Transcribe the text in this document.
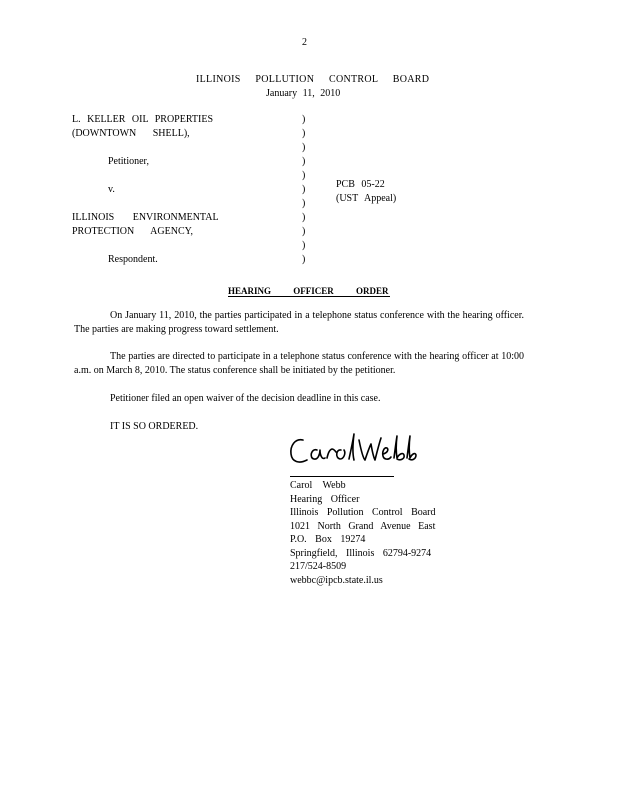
2
ILLINOIS POLLUTION CONTROL BOARD
January 11, 2010
L. KELLER OIL PROPERTIES
(DOWNTOWN SHELL),
Petitioner,
v.
ILLINOIS ENVIRONMENTAL
PROTECTION AGENCY,
Respondent.
)
)
)
)
)
)
)
)
)
)
)
PCB 05-22
(UST Appeal)
HEARING OFFICER ORDER
On January 11, 2010, the parties participated in a telephone status conference with the hearing officer. The parties are making progress toward settlement.
The parties are directed to participate in a telephone status conference with the hearing officer at 10:00 a.m. on March 8, 2010. The status conference shall be initiated by the petitioner.
Petitioner filed an open waiver of the decision deadline in this case.
IT IS SO ORDERED.
Carol Webb
Hearing Officer
Illinois Pollution Control Board
1021 North Grand Avenue East
P.O. Box 19274
Springfield, Illinois 62794-9274
217/524-8509
webbc@ipcb.state.il.us
